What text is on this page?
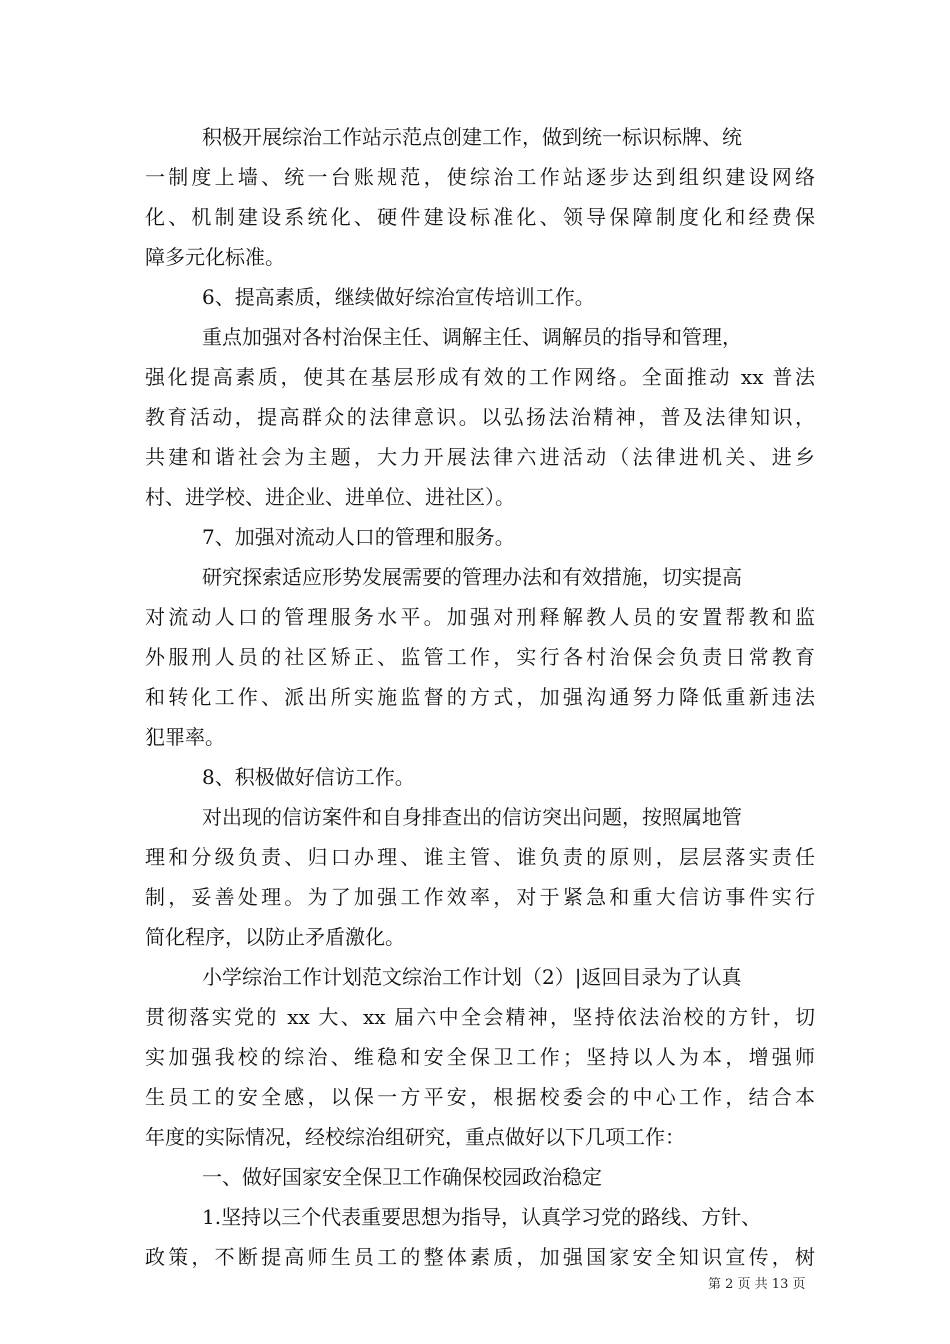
积极开展综治工作站示范点创建工作，做到统一标识标牌、统
一制度上墙、统一台账规范，使综治工作站逐步达到组织建设网络
化、机制建设系统化、硬件建设标准化、领导保障制度化和经费保
障多元化标准。
6、提高素质，继续做好综治宣传培训工作。
重点加强对各村治保主任、调解主任、调解员的指导和管理，
强化提高素质，使其在基层形成有效的工作网络。全面推动 xx 普法
教育活动，提高群众的法律意识。以弘扬法治精神，普及法律知识，
共建和谐社会为主题，大力开展法律六进活动（法律进机关、进乡
村、进学校、进企业、进单位、进社区）。
7、加强对流动人口的管理和服务。
研究探索适应形势发展需要的管理办法和有效措施，切实提高
对流动人口的管理服务水平。加强对刑释解教人员的安置帮教和监
外服刑人员的社区矫正、监管工作，实行各村治保会负责日常教育
和转化工作、派出所实施监督的方式，加强沟通努力降低重新违法
犯罪率。
8、积极做好信访工作。
对出现的信访案件和自身排查出的信访突出问题，按照属地管
理和分级负责、归口办理、谁主管、谁负责的原则，层层落实责任
制，妥善处理。为了加强工作效率，对于紧急和重大信访事件实行
简化程序，以防止矛盾激化。
小学综治工作计划范文综治工作计划（2）|返回目录为了认真
贯彻落实党的 xx 大、xx 届六中全会精神，坚持依法治校的方针，切
实加强我校的综治、维稳和安全保卫工作；坚持以人为本，增强师
生员工的安全感，以保一方平安，根据校委会的中心工作，结合本
年度的实际情况，经校综治组研究，重点做好以下几项工作：
一、做好国家安全保卫工作确保校园政治稳定
1.坚持以三个代表重要思想为指导，认真学习党的路线、方针、
政策，不断提高师生员工的整体素质，加强国家安全知识宣传，树
第 2 页 共 13 页
